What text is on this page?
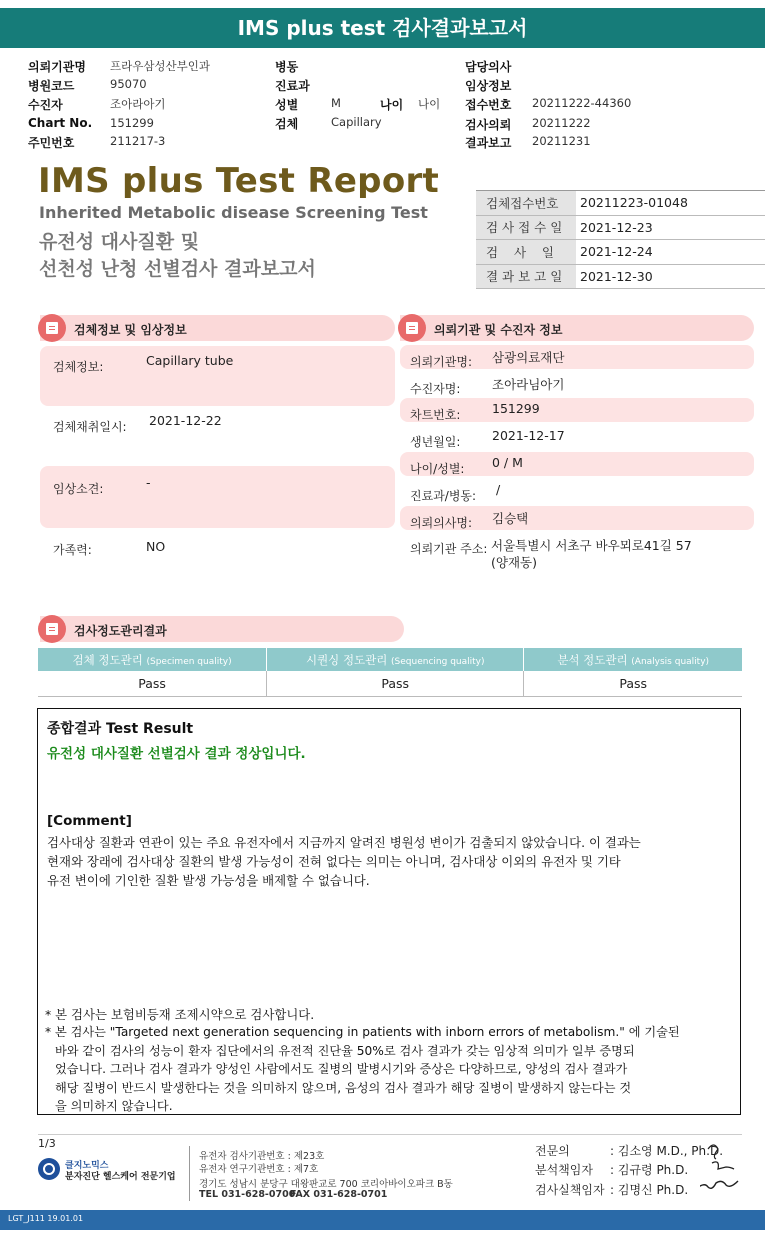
IMS plus test 검사결과보고서
의뢰기관명 프라우삼성산부인과
병원코드	95070
수진자	조아라아기
Chart No. 151299
주민번호	211217-3
병동
진료과
성별	M	나이 나이
검체	Capillary
담당의사
임상정보
접수번호 20211222-44360
검사의뢰 20211222
결과보고 20211231
IMS plus Test Report
Inherited Metabolic disease Screening Test
유전성 대사질환 및
선천성 난청 선별검사 결과보고서
검체접수번호	20211223-01048
검 사 접 수 일	2021-12-23
검    사    일	2021-12-24
결 과 보 고 일	2021-12-30
검체정보 및 임상정보	의뢰기관 및 수진자 정보
검체정보:	Capillary tube
검체채취일시: 2021-12-22
임상소견:	-
가족력:	NO
의뢰기관명: 삼광의료재단
수진자명:	조아라님아기
차트번호:	151299
생년월일:	2021-12-17
나이/성별: 0 / M
진료과/병동: /
의뢰의사명: 김승택
의뢰기관 주소: 서울특별시 서초구 바우뫼로41길 57
(양재동)
검사정도관리결과
검체 정도관리 (Specimen quality)	시퀀싱 정도관리 (Sequencing quality)	분석 정도관리 (Analysis quality)
Pass	Pass	Pass
종합결과 Test Result
유전성 대사질환 선별검사 결과 정상입니다.
[Comment]
검사대상 질환과 연관이 있는 주요 유전자에서 지금까지 알려진 병원성 변이가 검출되지 않았습니다. 이 결과는
현재와 장래에 검사대상 질환의 발생 가능성이 전혀 없다는 의미는 아니며, 검사대상 이외의 유전자 및 기타
유전 변이에 기인한 질환 발생 가능성을 배제할 수 없습니다.
* 본 검사는 보험비등재 조제시약으로 검사합니다.
* 본 검사는 "Targeted next generation sequencing in patients with inborn errors of metabolism." 에 기술된
바와 같이 검사의 성능이 환자 집단에서의 유전적 진단율 50%로 검사 결과가 갖는 임상적 의미가 일부 증명되
었습니다. 그러나 검사 결과가 양성인 사람에서도 질병의 발병시기와 증상은 다양하므로, 양성의 검사 결과가
해당 질병이 반드시 발생한다는 것을 의미하지 않으며, 음성의 검사 결과가 해당 질병이 발생하지 않는다는 것
을 의미하지 않습니다.
1/3
클지노믹스
분자진단 헬스케어 전문기업
유전자 검사기관번호 : 제23호
유전자 연구기관번호 : 제7호
경기도 성남시 분당구 대왕판교로 700 코리아바이오파크 B동
TEL 031-628-0700
FAX 031-628-0701
전문의	: 김소영 M.D., Ph.D.
분석책임자 : 김규령 Ph.D.
검사실책임자 : 김명신 Ph.D.
LGT_J111 19.01.01
